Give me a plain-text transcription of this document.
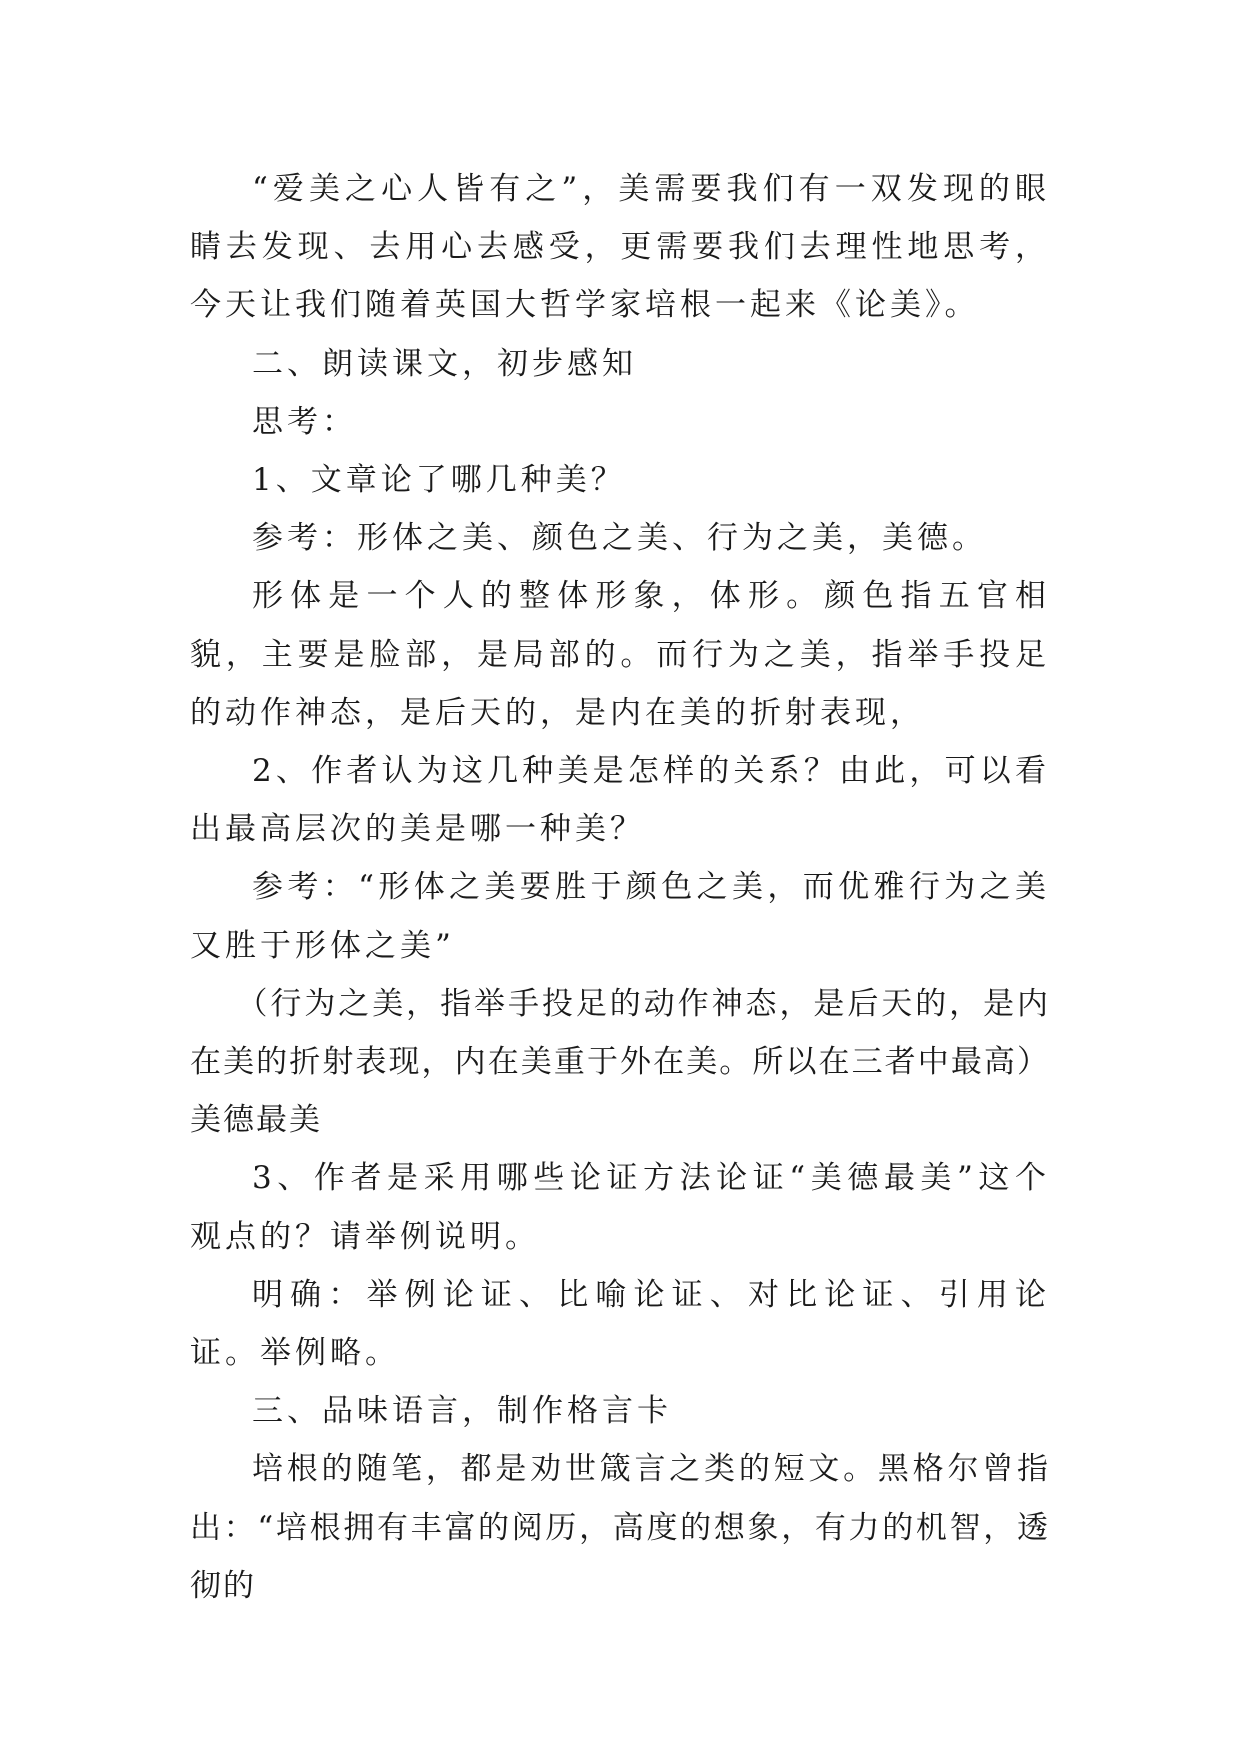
“爱美之心人皆有之”，美需要我们有一双发现的眼睛去发现、去用心去感受，更需要我们去理性地思考，今天让我们随着英国大哲学家培根一起来《论美》。

二、朗读课文，初步感知

思考：

1、文章论了哪几种美？

参考：形体之美、颜色之美、行为之美，美德。

形体是一个人的整体形象，体形。颜色指五官相貌，主要是脸部，是局部的。而行为之美，指举手投足的动作神态，是后天的，是内在美的折射表现，

2、作者认为这几种美是怎样的关系？由此，可以看出最高层次的美是哪一种美？

参考：“形体之美要胜于颜色之美，而优雅行为之美又胜于形体之美”

（行为之美，指举手投足的动作神态，是后天的，是内在美的折射表现，内在美重于外在美。所以在三者中最高）美德最美

3、作者是采用哪些论证方法论证“美德最美”这个观点的？请举例说明。

明确：举例论证、比喻论证、对比论证、引用论证。举例略。

三、品味语言，制作格言卡

培根的随笔，都是劝世箴言之类的短文。黑格尔曾指出：“培根拥有丰富的阅历，高度的想象，有力的机智，透彻的
